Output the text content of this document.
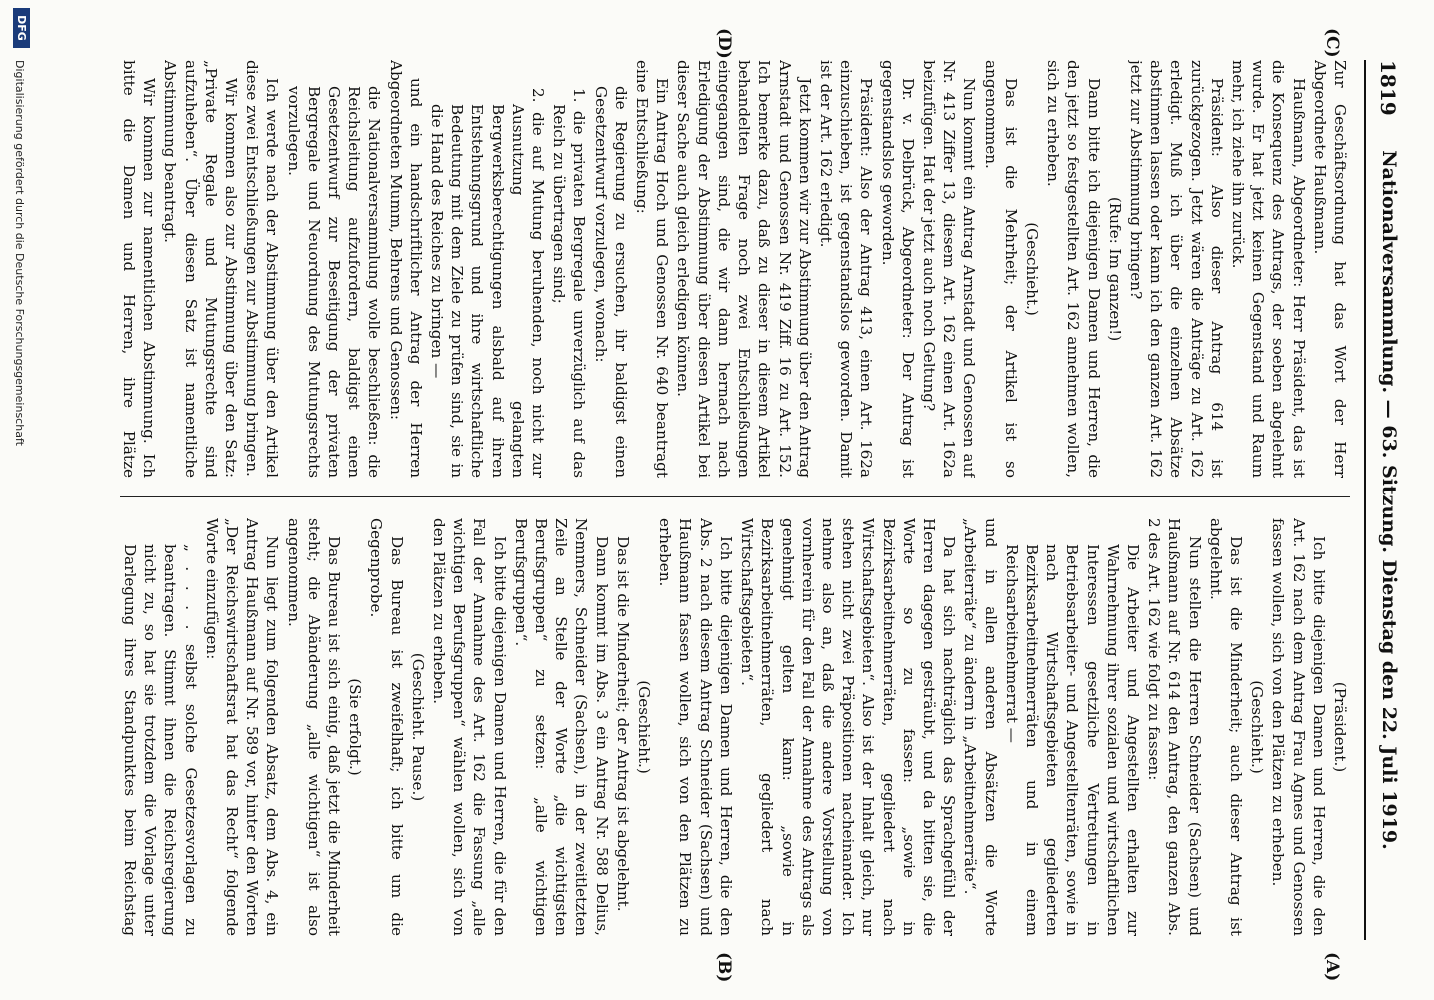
1819
Nationalversammlung. — 63. Sitzung. Dienstag den 22. Juli 1919.
(C)
(D)
(A)
(B)

Zur Geschäftsordnung hat das Wort der Herr Abgeordnete Haußmann.

Haußmann, Abgeordneter: Herr Präsident, das ist die Konsequenz des Antrags, der soeben abgelehnt wurde. Er hat jetzt keinen Gegenstand und Raum mehr, ich ziehe ihn zurück.

Präsident: Also dieser Antrag 614 ist zurückgezogen. Jetzt wären die Anträge zu Art. 162 erledigt. Muß ich über die einzelnen Absätze abstimmen lassen oder kann ich den ganzen Art. 162 jetzt zur Abstimmung bringen?

(Rufe: Im ganzen!)

Dann bitte ich diejenigen Damen und Herren, die den jetzt so festgestellten Art. 162 annehmen wollen, sich zu erheben.

(Geschieht.)

Das ist die Mehrheit; der Artikel ist so angenommen.

Nun kommt ein Antrag Arnstadt und Genossen auf Nr. 413 Ziffer 13, diesem Art. 162 einen Art. 162a beizufügen. Hat der jetzt auch noch Geltung?

Dr. v. Delbrück, Abgeordneter: Der Antrag ist gegenstandslos geworden.

Präsident: Also der Antrag 413, einen Art. 162a einzuschieben, ist gegenstandslos geworden. Damit ist der Art. 162 erledigt.

Jetzt kommen wir zur Abstimmung über den Antrag Arnstadt und Genossen Nr. 419 Ziff. 16 zu Art. 152. Ich bemerke dazu, daß zu dieser in diesem Artikel behandelten Frage noch zwei Entschließungen eingegangen sind, die wir dann hernach nach Erledigung der Abstimmung über diesen Artikel bei dieser Sache auch gleich erledigen können.

Ein Antrag Hoch und Genossen Nr. 640 beantragt eine Entschließung:

die Regierung zu ersuchen, ihr baldigst einen Gesetzentwurf vorzulegen, wonach:

1. die privaten Bergregale unverzüglich auf das Reich zu übertragen sind;

2. die auf Mutung beruhenden, noch nicht zur Ausnutzung gelangten Bergwerksberechtigungen alsbald auf ihren Entstehungsgrund und ihre wirtschaftliche Bedeutung mit dem Ziele zu prüfen sind, sie in die Hand des Reiches zu bringen —

und ein handschriftlicher Antrag der Herren Abgeordneten Mumm, Behrens und Genossen:

die Nationalversammlung wolle beschließen: die Reichsleitung aufzufordern, baldigst einen Gesetzentwurf zur Beseitigung der privaten Bergregale und Neuordnung des Mutungsrechts vorzulegen.

Ich werde nach der Abstimmung über den Artikel diese zwei Entschließungen zur Abstimmung bringen.

Wir kommen also zur Abstimmung über den Satz: „Private Regale und Mutungsrechte sind aufzuheben“. Über diesen Satz ist namentliche Abstimmung beantragt.

Wir kommen zur namentlichen Abstimmung. Ich bitte die Damen und Herren, ihre Plätze

(Präsident.)

Ich bitte diejenigen Damen und Herren, die den Art. 162 nach dem Antrag Frau Agnes und Genossen fassen wollen, sich von den Plätzen zu erheben.

(Geschieht.)

Das ist die Minderheit; auch dieser Antrag ist abgelehnt.

Nun stellen die Herren Schneider (Sachsen) und Haußmann auf Nr. 614 den Antrag, den ganzen Abs. 2 des Art. 162 wie folgt zu fassen:

Die Arbeiter und Angestellten erhalten zur Wahrnehmung ihrer sozialen und wirtschaftlichen Interessen gesetzliche Vertretungen in Betriebsarbeiter- und Angestelltenräten, sowie in nach Wirtschaftsgebieten gegliederten Bezirksarbeitnehmerräten und in einem Reichsarbeitnehmerrat —

und in allen anderen Absätzen die Worte „Arbeiterräte“ zu ändern in „Arbeitnehmerräte“.

Da hat sich nachträglich das Sprachgefühl der Herren dagegen gesträubt, und da bitten sie, die Worte so zu fassen: „sowie in Bezirksarbeitnehmerräten, gegliedert nach Wirtschaftsgebieten“. Also ist der Inhalt gleich, nur stehen nicht zwei Präpositionen nacheinander. Ich nehme also an, daß die andere Vorstellung von vornherein für den Fall der Annahme des Antrags als genehmigt gelten kann: „sowie in Bezirksarbeitnehmerräten, gegliedert nach Wirtschaftsgebieten“.

Ich bitte diejenigen Damen und Herren, die den Abs. 2 nach diesem Antrag Schneider (Sachsen) und Haußmann fassen wollen, sich von den Plätzen zu erheben.

(Geschieht.)

Das ist die Minderheit; der Antrag ist abgelehnt.

Dann kommt im Abs. 3 ein Antrag Nr. 588 Delius, Nemmers, Schneider (Sachsen), in der zweitletzten Zeile an Stelle der Worte „die wichtigsten Berufsgruppen“ zu setzen: „alle wichtigen Berufsgruppen“.

Ich bitte diejenigen Damen und Herren, die für den Fall der Annahme des Art. 162 die Fassung „alle wichtigen Berufsgruppen“ wählen wollen, sich von den Plätzen zu erheben.

(Geschieht. Pause.)

Das Bureau ist zweifelhaft; ich bitte um die Gegenprobe.

(Sie erfolgt.)

Das Bureau ist sich einig, daß jetzt die Minderheit steht; die Abänderung „alle wichtigen“ ist also angenommen.

Nun liegt zum folgenden Absatz, dem Abs. 4, ein Antrag Haußmann auf Nr. 589 vor, hinter den Worten „Der Reichswirtschaftsrat hat das Recht“ folgende Worte einzufügen:

„ . . . . selbst solche Gesetzesvorlagen zu beantragen. Stimmt ihnen die Reichsregierung nicht zu, so hat sie trotzdem die Vorlage unter Darlegung ihres Standpunktes beim Reichstag

DFG
Digitalisierung gefördert durch die Deutsche Forschungsgemeinschaft
